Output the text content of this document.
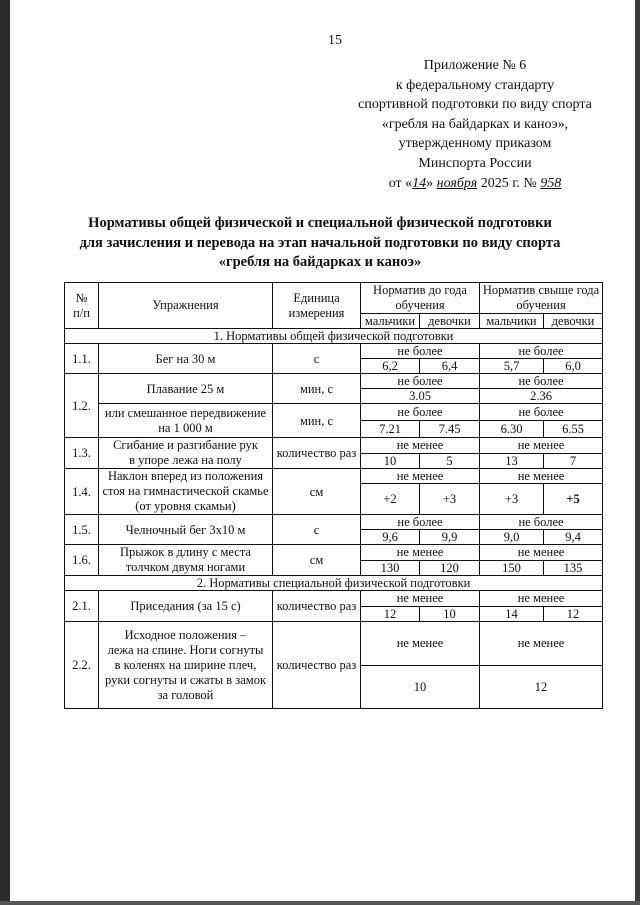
15
Приложение № 6
к федеральному стандарту
спортивной подготовки по виду спорта
«гребля на байдарках и каноэ»,
утвержденному приказом
Минспорта России
от «14» ноября 2025 г. № 958
Нормативы общей физической и специальной физической подготовки
для зачисления и перевода на этап начальной подготовки по виду спорта
«гребля на байдарках и каноэ»
№
п/п	Упражнения	Единица
измерения	Норматив до года
обучения		Норматив свыше года
обучения	
			мальчики	девочки	мальчики	девочки
1. Нормативы общей физической подготовки						
1.1.	Бег на 30 м	с	не более		не более	
			6,2	6,4	5,7	6,0
1.2.	Плавание 25 м	мин, с	не более		не более	
			3.05		2.36	
	или смешанное передвижение
на 1 000 м	мин, с	не более		не более	
			7.21	7.45	6.30	6.55
1.3.	Сгибание и разгибание рук
в упоре лежа на полу	количество раз	не менее		не менее	
			10	5	13	7
1.4.	Наклон вперед из положения
стоя на гимнастической скамье
(от уровня скамьи)	см	не менее		не менее	
			+2	+3	+3	+5
1.5.	Челночный бег 3х10 м	с	не более		не более	
			9,6	9,9	9,0	9,4
1.6.	Прыжок в длину с места
толчком двумя ногами	см	не менее		не менее	
			130	120	150	135
2. Нормативы специальной физической подготовки						
2.1.	Приседания (за 15 с)	количество раз	не менее		не менее	
			12	10	14	12
2.2.	Исходное положения –
лежа на спине. Ноги согнуты
в коленях на ширине плеч,
руки согнуты и сжаты в замок
за головой	количество раз	не менее		не менее	
			10		12	
